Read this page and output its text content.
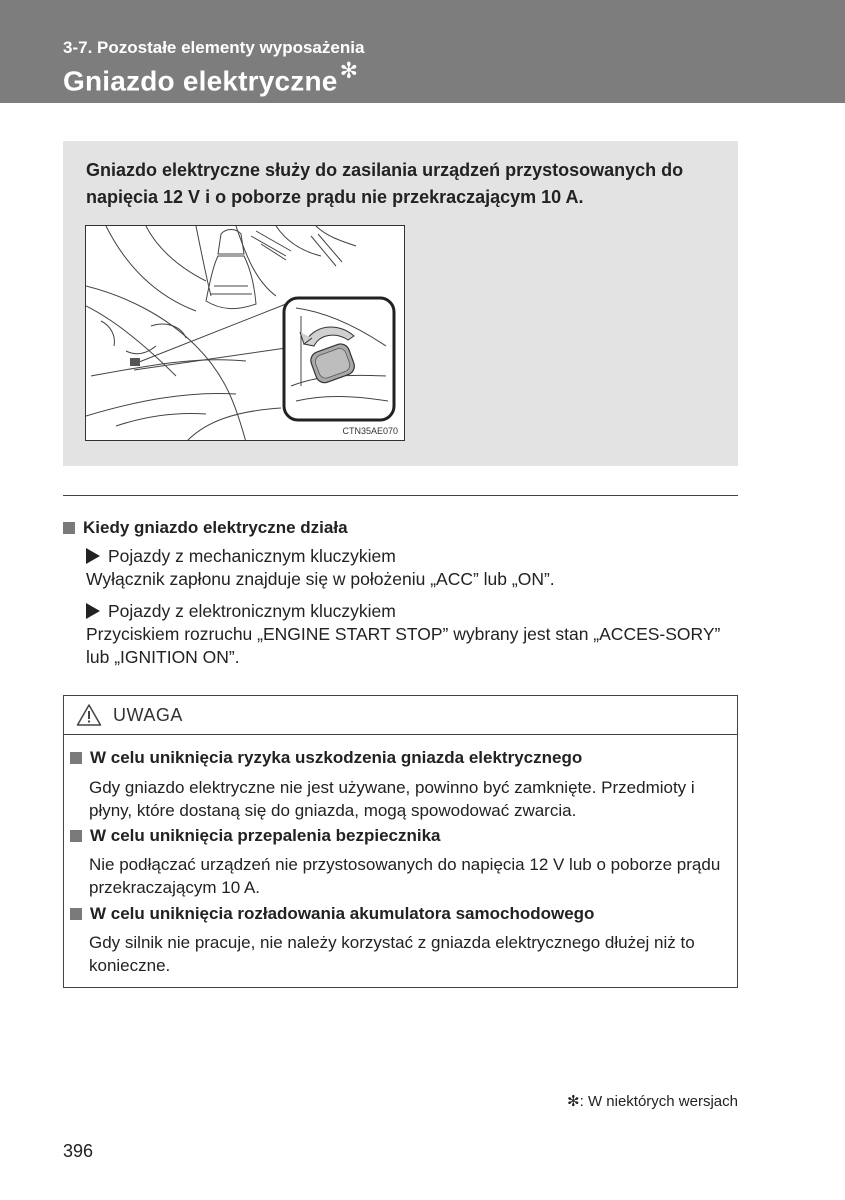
3-7. Pozostałe elementy wyposażenia
Gniazdo elektryczne✻
Gniazdo elektryczne służy do zasilania urządzeń przystosowanych do napięcia 12 V i o poborze prądu nie przekraczającym 10 A.
CTN35AE070
Kiedy gniazdo elektryczne działa
Pojazdy z mechanicznym kluczykiem
Wyłącznik zapłonu znajduje się w położeniu „ACC” lub „ON”.
Pojazdy z elektronicznym kluczykiem
Przyciskiem rozruchu „ENGINE START STOP” wybrany jest stan „ACCES-SORY” lub „IGNITION ON”.
UWAGA
W celu uniknięcia ryzyka uszkodzenia gniazda elektrycznego
Gdy gniazdo elektryczne nie jest używane, powinno być zamknięte. Przedmioty i płyny, które dostaną się do gniazda, mogą spowodować zwarcia.
W celu uniknięcia przepalenia bezpiecznika
Nie podłączać urządzeń nie przystosowanych do napięcia 12 V lub o poborze prądu przekraczającym 10 A.
W celu uniknięcia rozładowania akumulatora samochodowego
Gdy silnik nie pracuje, nie należy korzystać z gniazda elektrycznego dłużej niż to konieczne.
✻: W niektórych wersjach
396
